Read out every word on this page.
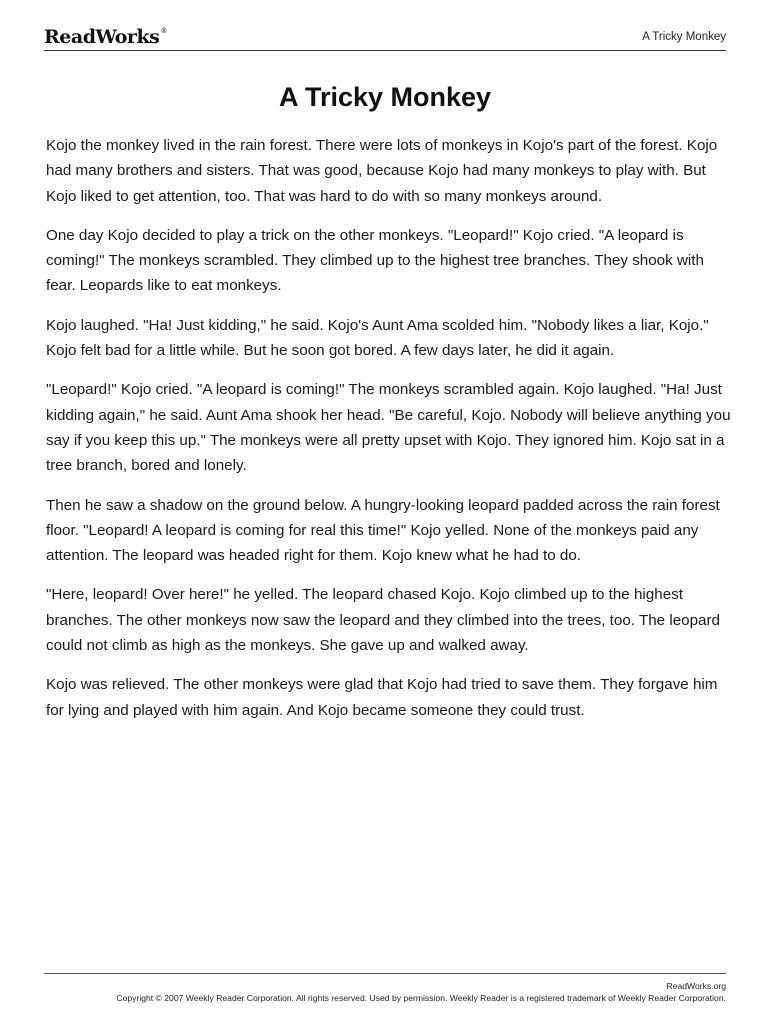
ReadWorks®	A Tricky Monkey
A Tricky Monkey

Kojo the monkey lived in the rain forest. There were lots of monkeys in Kojo's part of the forest. Kojo had many brothers and sisters. That was good, because Kojo had many monkeys to play with. But Kojo liked to get attention, too. That was hard to do with so many monkeys around.

One day Kojo decided to play a trick on the other monkeys. "Leopard!" Kojo cried. "A leopard is coming!" The monkeys scrambled. They climbed up to the highest tree branches. They shook with fear. Leopards like to eat monkeys.

Kojo laughed. "Ha! Just kidding," he said. Kojo's Aunt Ama scolded him. "Nobody likes a liar, Kojo." Kojo felt bad for a little while. But he soon got bored. A few days later, he did it again.

"Leopard!" Kojo cried. "A leopard is coming!" The monkeys scrambled again. Kojo laughed. "Ha! Just kidding again," he said. Aunt Ama shook her head. "Be careful, Kojo. Nobody will believe anything you say if you keep this up." The monkeys were all pretty upset with Kojo. They ignored him. Kojo sat in a tree branch, bored and lonely.

Then he saw a shadow on the ground below. A hungry-looking leopard padded across the rain forest floor. "Leopard! A leopard is coming for real this time!" Kojo yelled. None of the monkeys paid any attention. The leopard was headed right for them. Kojo knew what he had to do.

"Here, leopard! Over here!" he yelled. The leopard chased Kojo. Kojo climbed up to the highest branches. The other monkeys now saw the leopard and they climbed into the trees, too. The leopard could not climb as high as the monkeys. She gave up and walked away.

Kojo was relieved. The other monkeys were glad that Kojo had tried to save them. They forgave him for lying and played with him again. And Kojo became someone they could trust.

ReadWorks.org
Copyright © 2007 Weekly Reader Corporation. All rights reserved. Used by permission. Weekly Reader is a registered trademark of Weekly Reader Corporation.
